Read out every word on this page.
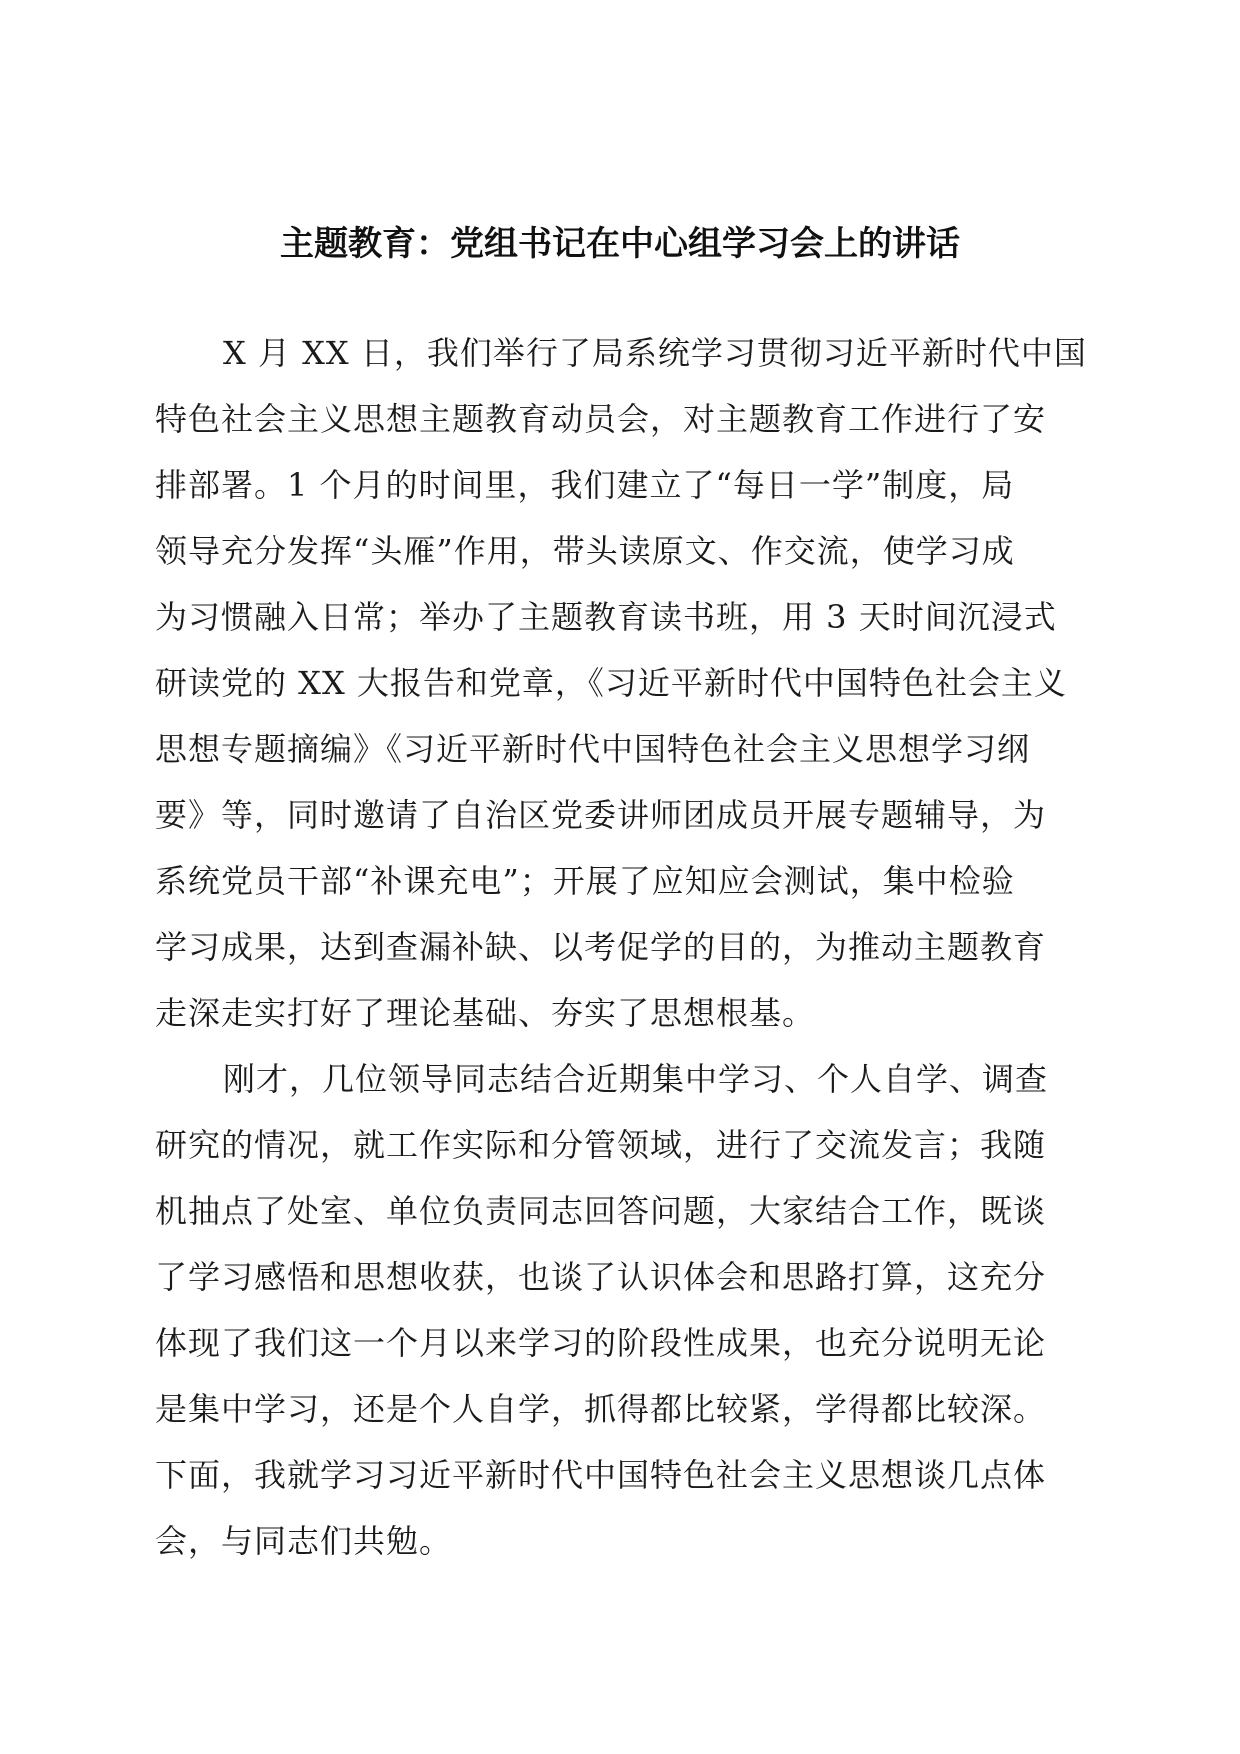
主题教育：党组书记在中心组学习会上的讲话
X 月 XX 日，我们举行了局系统学习贯彻习近平新时代中国
特色社会主义思想主题教育动员会，对主题教育工作进行了安
排部署。1 个月的时间里，我们建立了“每日一学”制度，局
领导充分发挥“头雁”作用，带头读原文、作交流，使学习成
为习惯融入日常；举办了主题教育读书班，用 3 天时间沉浸式
研读党的 XX 大报告和党章，《习近平新时代中国特色社会主义
思想专题摘编》《习近平新时代中国特色社会主义思想学习纲
要》等，同时邀请了自治区党委讲师团成员开展专题辅导，为
系统党员干部“补课充电”；开展了应知应会测试，集中检验
学习成果，达到查漏补缺、以考促学的目的，为推动主题教育
走深走实打好了理论基础、夯实了思想根基。
刚才，几位领导同志结合近期集中学习、个人自学、调查
研究的情况，就工作实际和分管领域，进行了交流发言；我随
机抽点了处室、单位负责同志回答问题，大家结合工作，既谈
了学习感悟和思想收获，也谈了认识体会和思路打算，这充分
体现了我们这一个月以来学习的阶段性成果，也充分说明无论
是集中学习，还是个人自学，抓得都比较紧，学得都比较深。
下面，我就学习习近平新时代中国特色社会主义思想谈几点体
会，与同志们共勉。
